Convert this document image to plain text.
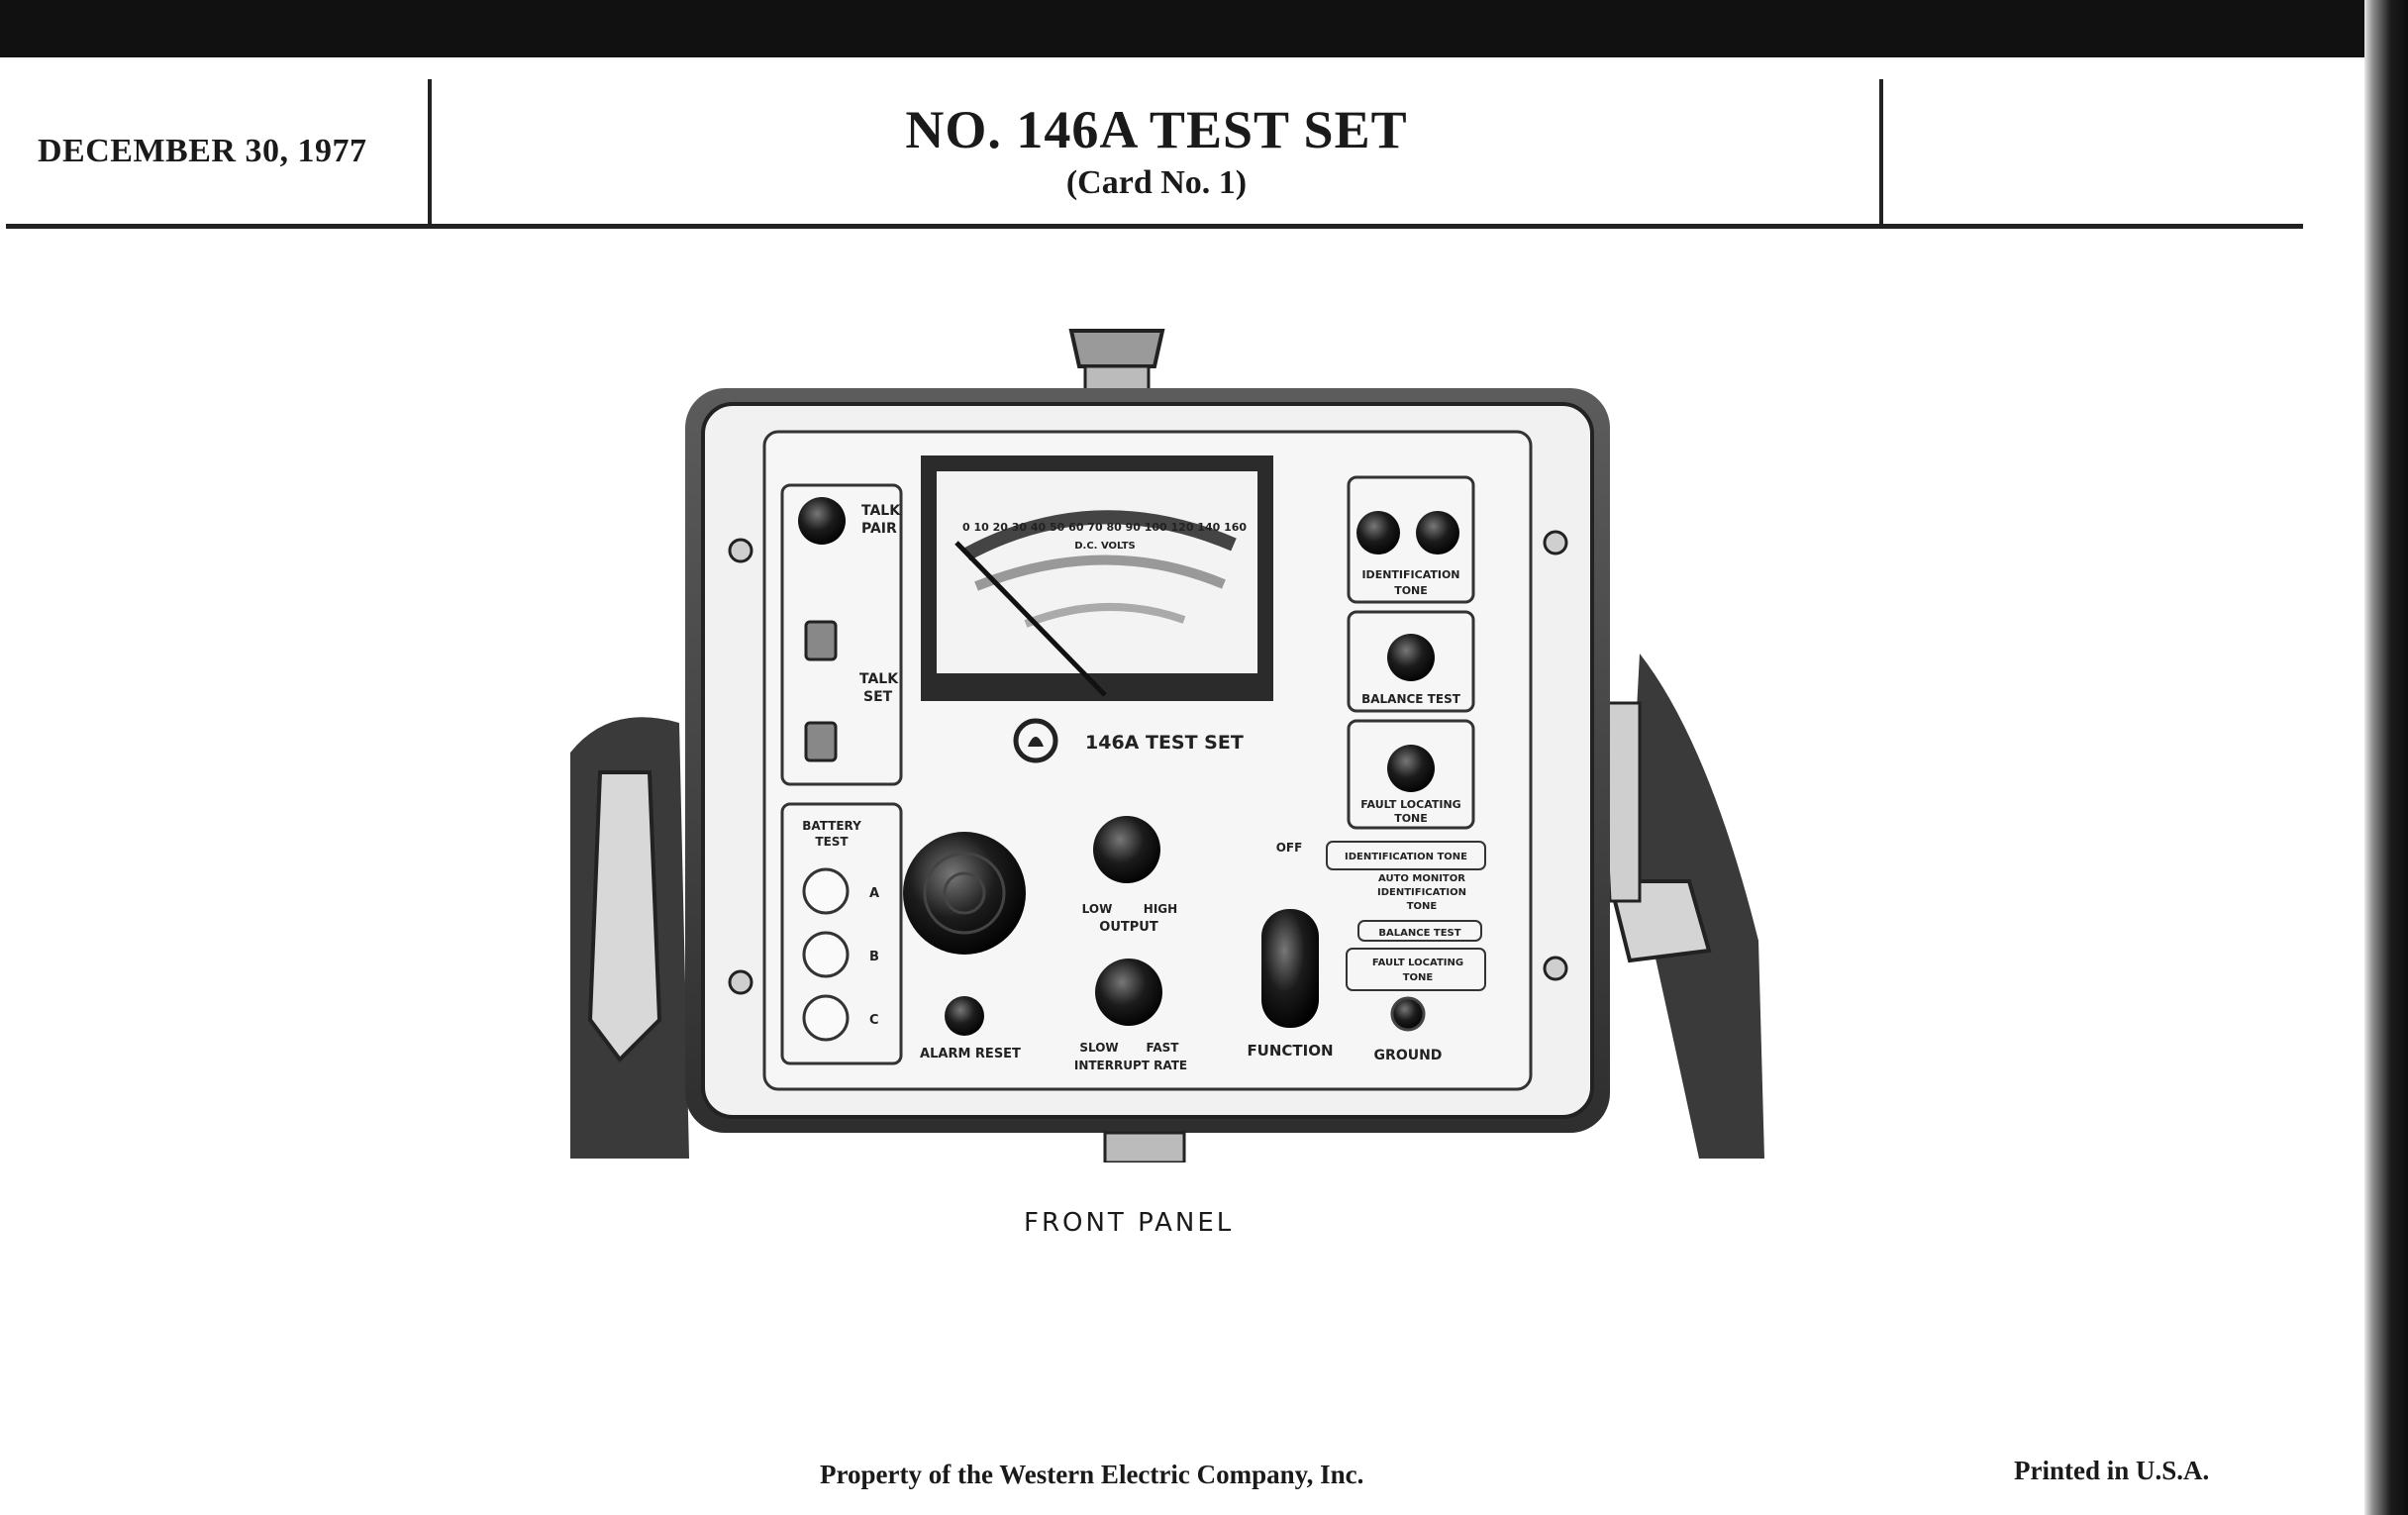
DECEMBER 30, 1977	NO. 146A TEST SET
(Card No. 1)
TALK
PAIR
TALK
SET
0 10 20 30 40 50 60 70 80 90 100 120 140 160
D.C. VOLTS
146A TEST SET
IDENTIFICATION
TONE
BALANCE TEST
FAULT LOCATING
TONE
BATTERY
TEST
A
B
C
ALARM RESET
LOW	HIGH
OUTPUT
SLOW FAST
INTERRUPT RATE
OFF
FUNCTION
IDENTIFICATION TONE
AUTO MONITOR
IDENTIFICATION
TONE
BALANCE TEST
FAULT LOCATING
TONE
GROUND
FRONT PANEL
Property of the Western Electric Company, Inc.	Printed in U.S.A.
